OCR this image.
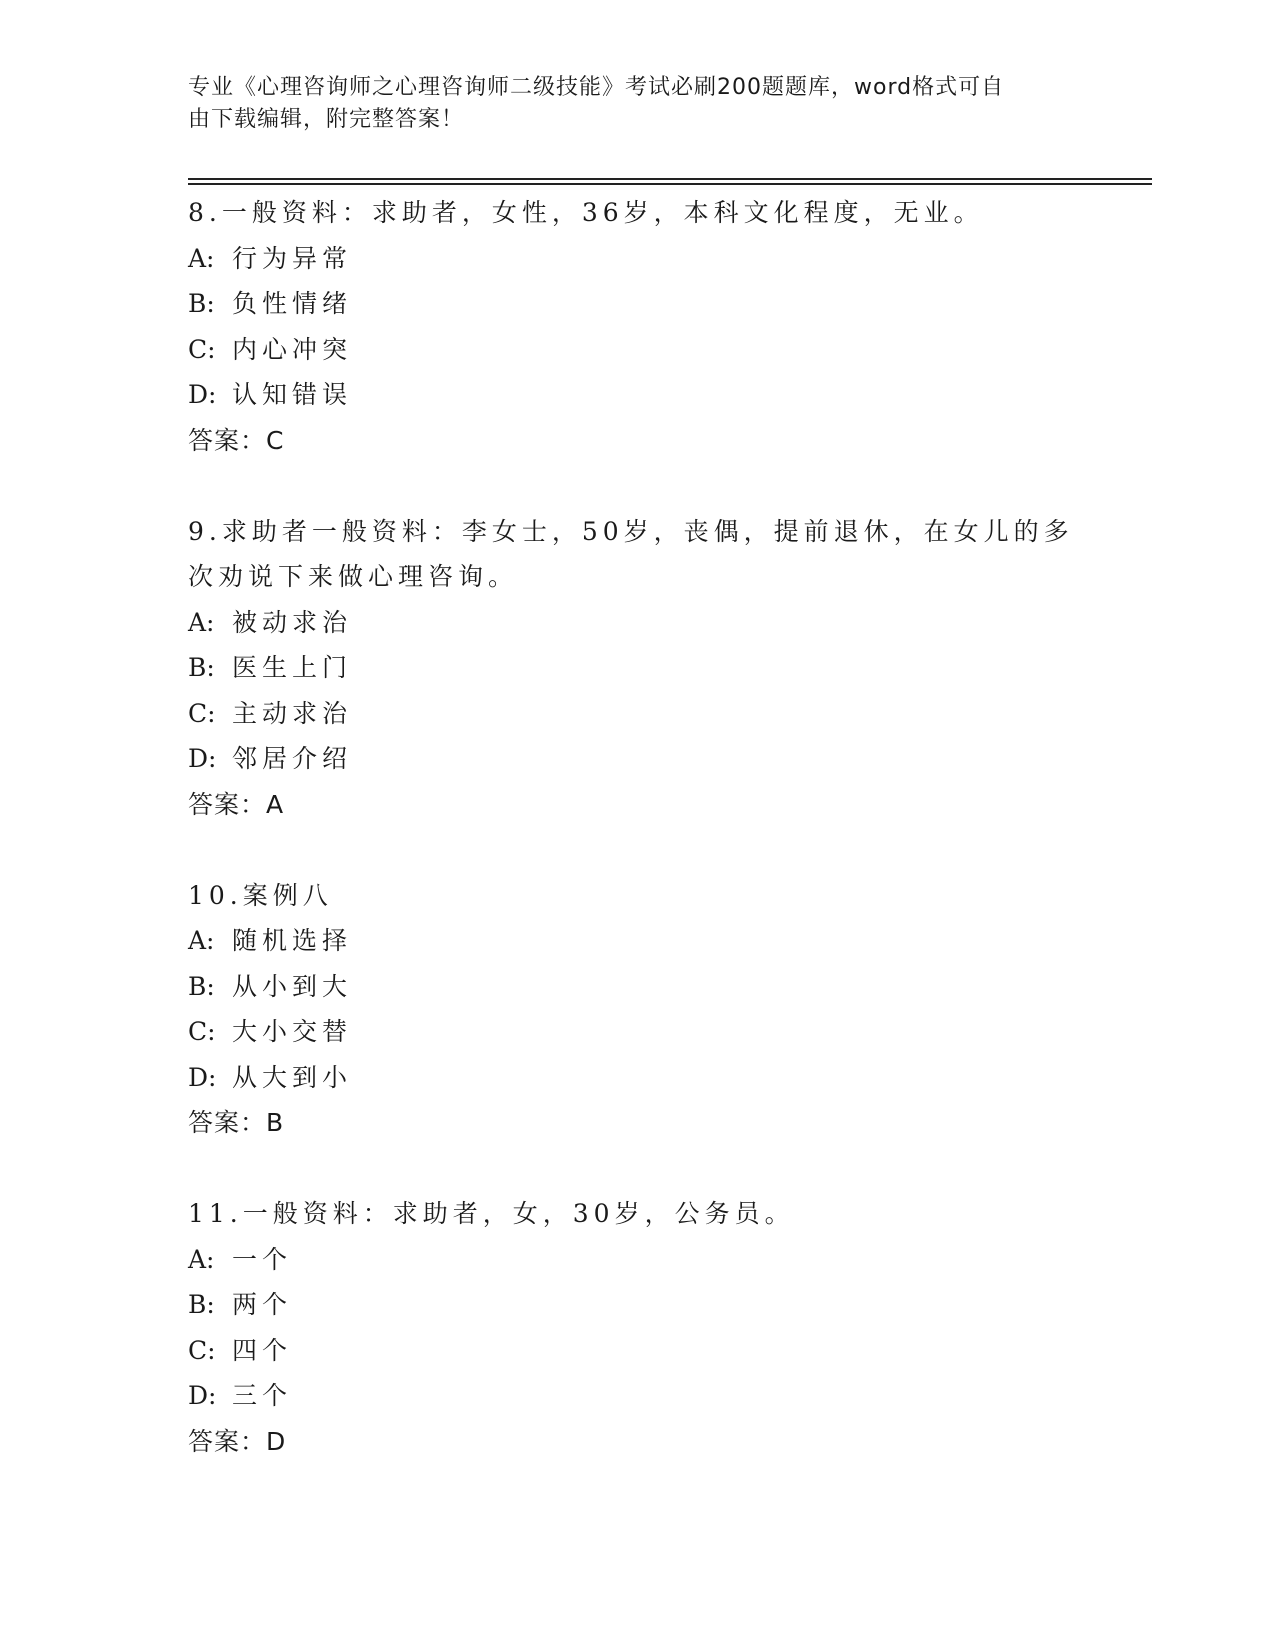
专业《心理咨询师之心理咨询师二级技能》考试必刷200题题库，word格式可自
由下载编辑，附完整答案！
8.一般资料：求助者，女性，36岁，本科文化程度，无业。
A: 行为异常
B: 负性情绪
C: 内心冲突
D: 认知错误
答案：C
9.求助者一般资料：李女士，50岁，丧偶，提前退休，在女儿的多次劝说下来做心理咨询。
A: 被动求治
B: 医生上门
C: 主动求治
D: 邻居介绍
答案：A
10.案例八
A: 随机选择
B: 从小到大
C: 大小交替
D: 从大到小
答案：B
11.一般资料：求助者，女，30岁，公务员。
A: 一个
B: 两个
C: 四个
D: 三个
答案：D
